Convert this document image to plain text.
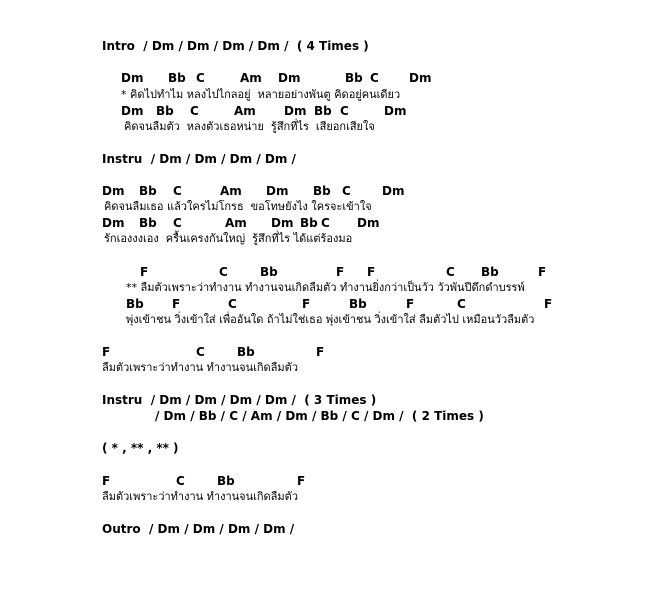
Intro  / Dm / Dm / Dm / Dm /  ( 4 Times )
Dm Bb C	Am Dm	Bb C	Dm
* คิดไปทำไม หลงไปไกลอยู่  หลายอย่างพันตู คิดอยู่คนเดียว
Dm Bb C	Am Dm Bb C	Dm
คิดจนลืมตัว  หลงตัวเธอหน่าย  รู้สึกที่ไร  เสียอกเสียใจ
Instru  / Dm / Dm / Dm / Dm /
Dm Bb C	Am Dm Bb C	Dm
คิดจนลืมเธอ แล้วใครไม่โกรธ  ขอโทษยังไง ใครจะเข้าใจ
Dm Bb C	Am Dm Bb C Dm
รักเองงงเอง  ครื้นเครงกันใหญ่  รู้สึกที่ไร ได้แต่ร้องมอ
F	C	Bb	F F	C Bb	F
** ลืมตัวเพราะว่าทำงาน ทำงานจนเกิดลืมตัว ทำงานยิ่งกว่าเป็นวัว วัวพันปีดึกดำบรรพ์
Bb F	C	F	Bb	F	C	F
พุ่งเข้าชน วิ่งเข้าใส่ เพื่ออันใด ถ้าไม่ใช่เธอ พุ่งเข้าชน วิ่งเข้าใส่ ลืมตัวไป เหมือนวัวลืมตัว
F	C	Bb	F
ลืมตัวเพราะว่าทำงาน ทำงานจนเกิดลืมตัว
Instru  / Dm / Dm / Dm / Dm /  ( 3 Times )
/ Dm / Bb / C / Am / Dm / Bb / C / Dm /  ( 2 Times )
( * , ** , ** )
F	C	Bb	F
ลืมตัวเพราะว่าทำงาน ทำงานจนเกิดลืมตัว
Outro  / Dm / Dm / Dm / Dm /
